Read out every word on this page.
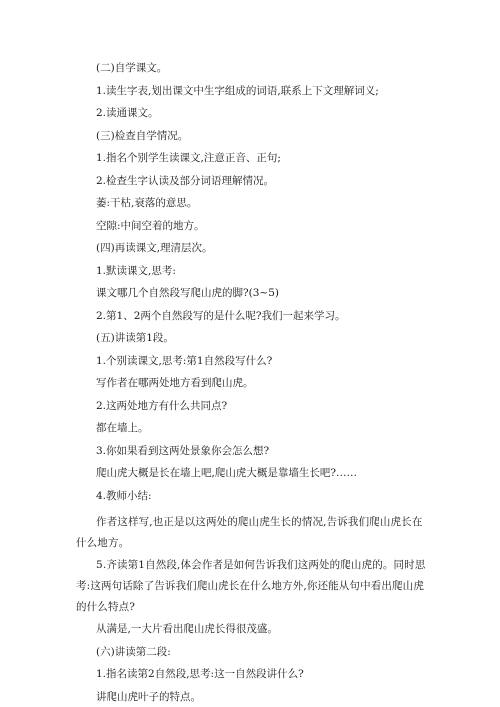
(二)自学课文。

1.读生字表,划出课文中生字组成的词语,联系上下文理解词义;

2.读通课文。

(三)检查自学情况。

1.指名个别学生读课文,注意正音、正句;

2.检查生字认读及部分词语理解情况。

萎:干枯,衰落的意思。

空隙:中间空着的地方。

(四)再读课文,理清层次。

1.默读课文,思考:

课文哪几个自然段写爬山虎的脚?(3~5)

2.第1、2两个自然段写的是什么呢?我们一起来学习。

(五)讲读第1段。

1.个别读课文,思考:第1自然段写什么?

写作者在哪两处地方看到爬山虎。

2.这两处地方有什么共同点?

都在墙上。

3.你如果看到这两处景象你会怎么想?

爬山虎大概是长在墙上吧,爬山虎大概是靠墙生长吧?……

4.教师小结:

作者这样写,也正是以这两处的爬山虎生长的情况,告诉我们爬山虎长在什么地方。

5.齐读第1自然段,体会作者是如何告诉我们这两处的爬山虎的。同时思考:这两句话除了告诉我们爬山虎长在什么地方外,你还能从句中看出爬山虎的什么特点?

从满是,一大片看出爬山虎长得很茂盛。

(六)讲读第二段:

1.指名读第2自然段,思考:这一自然段讲什么?

讲爬山虎叶子的特点。
